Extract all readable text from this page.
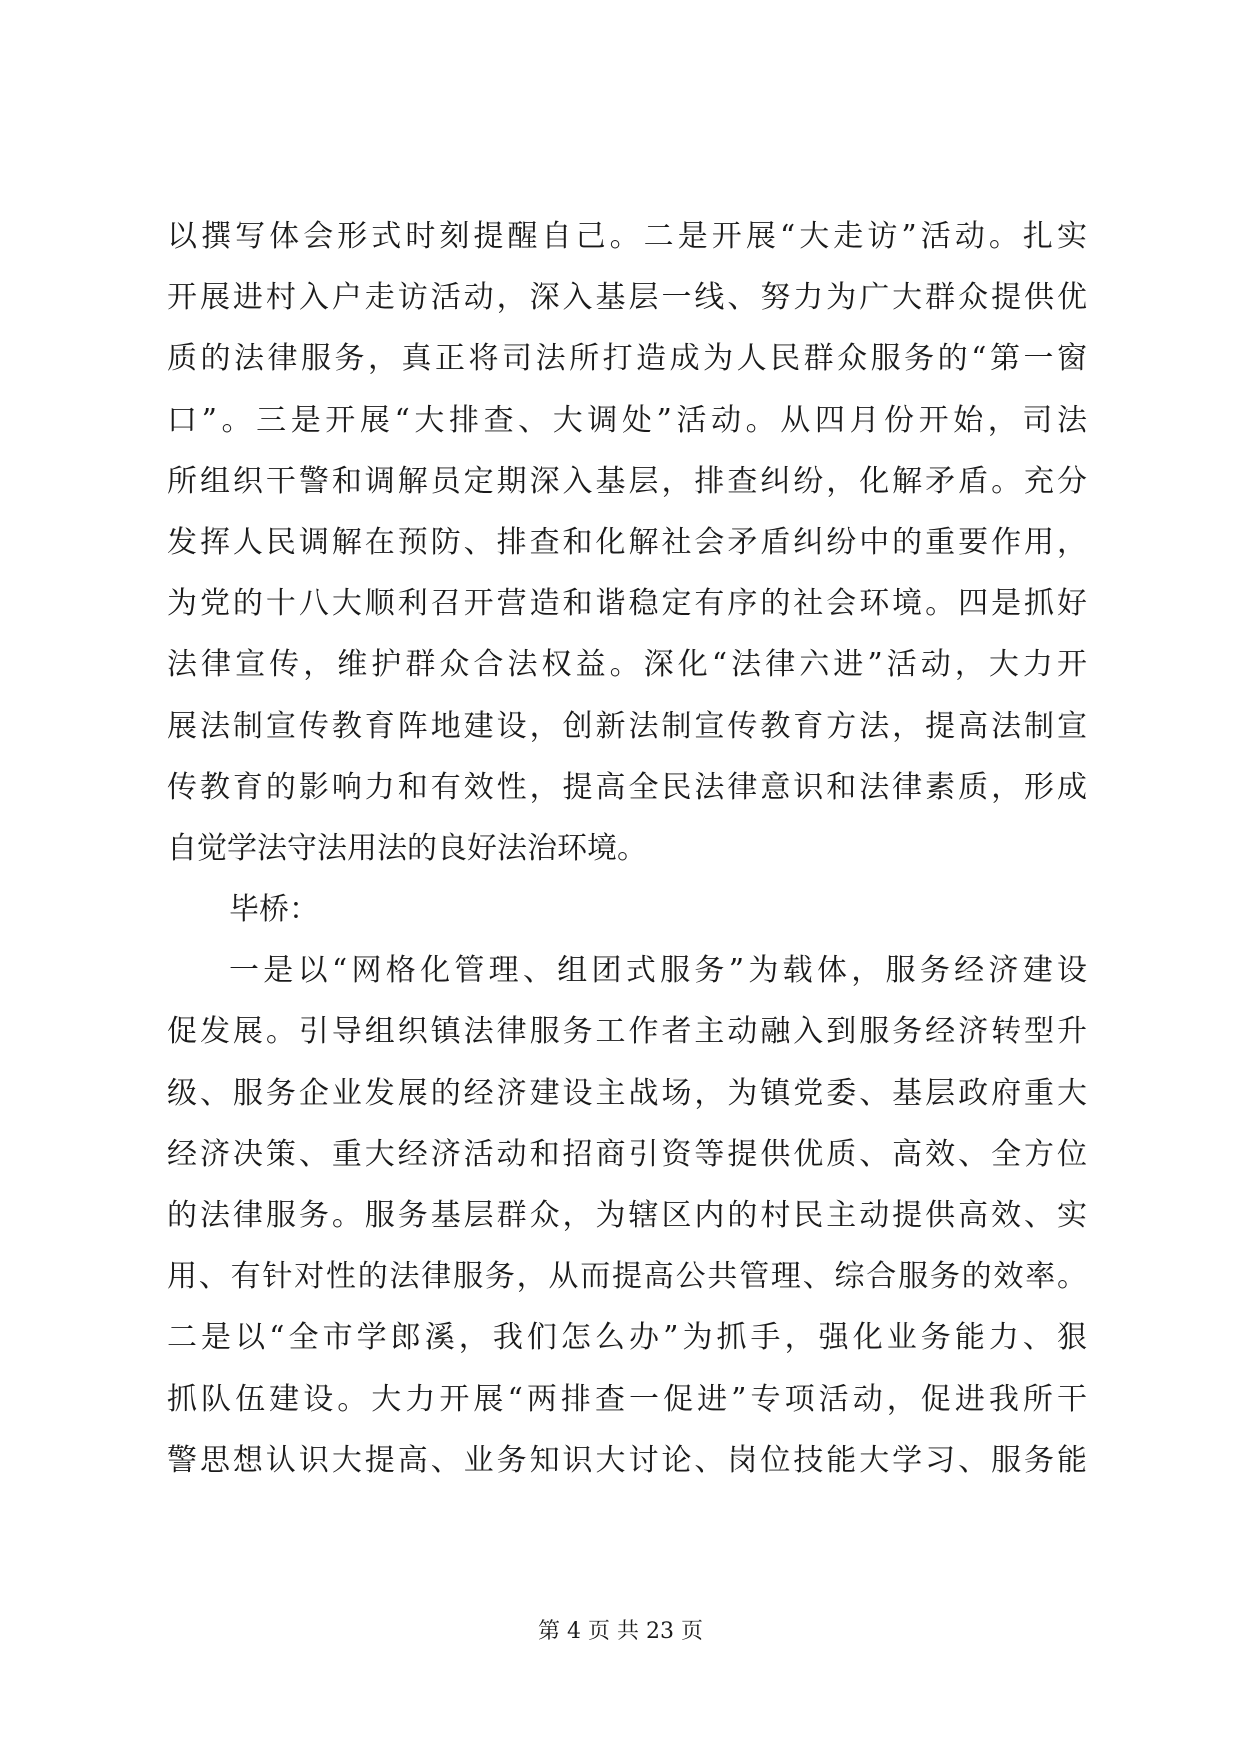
以撰写体会形式时刻提醒自己。二是开展“大走访”活动。扎实
开展进村入户走访活动，深入基层一线、努力为广大群众提供优
质的法律服务，真正将司法所打造成为人民群众服务的“第一窗
口”。三是开展“大排查、大调处”活动。从四月份开始，司法
所组织干警和调解员定期深入基层，排查纠纷，化解矛盾。充分
发挥人民调解在预防、排查和化解社会矛盾纠纷中的重要作用，
为党的十八大顺利召开营造和谐稳定有序的社会环境。四是抓好
法律宣传，维护群众合法权益。深化“法律六进”活动，大力开
展法制宣传教育阵地建设，创新法制宣传教育方法，提高法制宣
传教育的影响力和有效性，提高全民法律意识和法律素质，形成
自觉学法守法用法的良好法治环境。
毕桥：
一是以“网格化管理、组团式服务”为载体，服务经济建设
促发展。引导组织镇法律服务工作者主动融入到服务经济转型升
级、服务企业发展的经济建设主战场，为镇党委、基层政府重大
经济决策、重大经济活动和招商引资等提供优质、高效、全方位
的法律服务。服务基层群众，为辖区内的村民主动提供高效、实
用、有针对性的法律服务，从而提高公共管理、综合服务的效率。
二是以“全市学郎溪，我们怎么办”为抓手，强化业务能力、狠
抓队伍建设。大力开展“两排查一促进”专项活动，促进我所干
警思想认识大提高、业务知识大讨论、岗位技能大学习、服务能
第 4 页 共 23 页
